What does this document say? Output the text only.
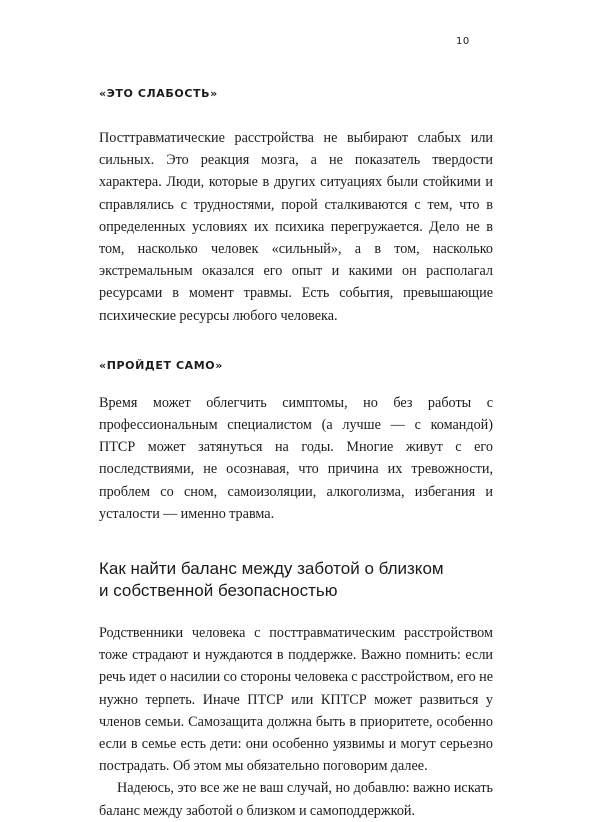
10
«ЭТО СЛАБОСТЬ»

Посттравматические расстройства не выбирают слабых или сильных. Это реакция мозга, а не показатель твердости характера. Люди, которые в других ситуациях были стойкими и справлялись с трудностями, порой сталкиваются с тем, что в определенных условиях их психика перегружается. Дело не в том, насколько человек «сильный», а в том, насколько экстремальным оказался его опыт и какими он располагал ресурсами в момент травмы. Есть события, превышающие психические ресурсы любого человека.

«ПРОЙДЕТ САМО»

Время может облегчить симптомы, но без работы с профессиональным специалистом (а лучше — с командой) ПТСР может затянуться на годы. Многие живут с его последствиями, не осознавая, что причина их тревожности, проблем со сном, самоизоляции, алкоголизма, избегания и усталости — именно травма.

Как найти баланс между заботой о близком
и собственной безопасностью

Родственники человека с посттравматическим расстройством тоже страдают и нуждаются в поддержке. Важно помнить: если речь идет о насилии со стороны человека с расстройством, его не нужно терпеть. Иначе ПТСР или КПТСР может развиться у членов семьи. Самозащита должна быть в приоритете, особенно если в семье есть дети: они особенно уязвимы и могут серьезно пострадать. Об этом мы обязательно поговорим далее.

Надеюсь, это все же не ваш случай, но добавлю: важно искать баланс между заботой о близком и самоподдержкой.
